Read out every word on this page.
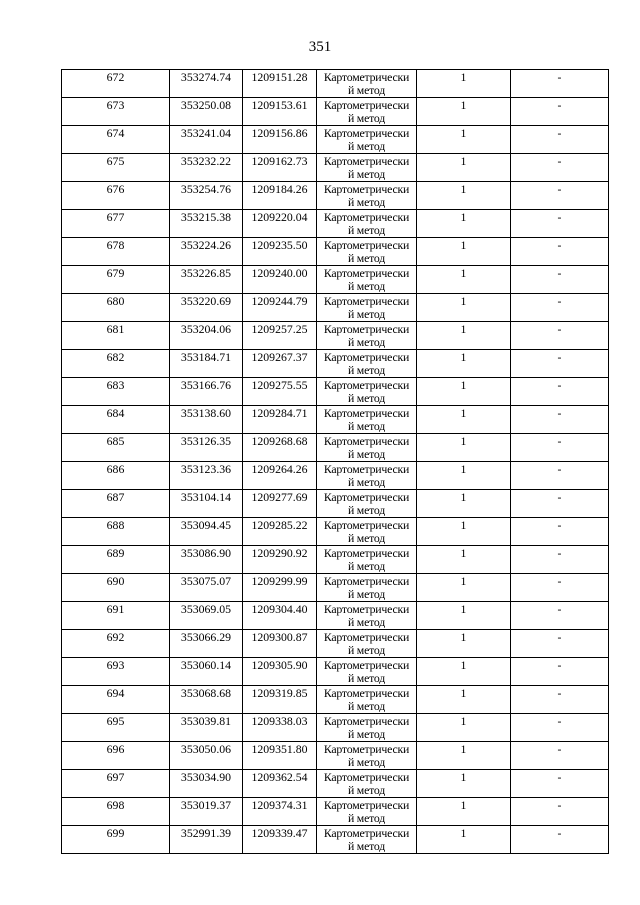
351
672	353274.74	1209151.28	Картометрически
й метод	1	-
673	353250.08	1209153.61	Картометрически
й метод	1	-
674	353241.04	1209156.86	Картометрически
й метод	1	-
675	353232.22	1209162.73	Картометрически
й метод	1	-
676	353254.76	1209184.26	Картометрически
й метод	1	-
677	353215.38	1209220.04	Картометрически
й метод	1	-
678	353224.26	1209235.50	Картометрически
й метод	1	-
679	353226.85	1209240.00	Картометрически
й метод	1	-
680	353220.69	1209244.79	Картометрически
й метод	1	-
681	353204.06	1209257.25	Картометрически
й метод	1	-
682	353184.71	1209267.37	Картометрически
й метод	1	-
683	353166.76	1209275.55	Картометрически
й метод	1	-
684	353138.60	1209284.71	Картометрически
й метод	1	-
685	353126.35	1209268.68	Картометрически
й метод	1	-
686	353123.36	1209264.26	Картометрически
й метод	1	-
687	353104.14	1209277.69	Картометрически
й метод	1	-
688	353094.45	1209285.22	Картометрически
й метод	1	-
689	353086.90	1209290.92	Картометрически
й метод	1	-
690	353075.07	1209299.99	Картометрически
й метод	1	-
691	353069.05	1209304.40	Картометрически
й метод	1	-
692	353066.29	1209300.87	Картометрически
й метод	1	-
693	353060.14	1209305.90	Картометрически
й метод	1	-
694	353068.68	1209319.85	Картометрически
й метод	1	-
695	353039.81	1209338.03	Картометрически
й метод	1	-
696	353050.06	1209351.80	Картометрически
й метод	1	-
697	353034.90	1209362.54	Картометрически
й метод	1	-
698	353019.37	1209374.31	Картометрически
й метод	1	-
699	352991.39	1209339.47	Картометрически
й метод	1	-
